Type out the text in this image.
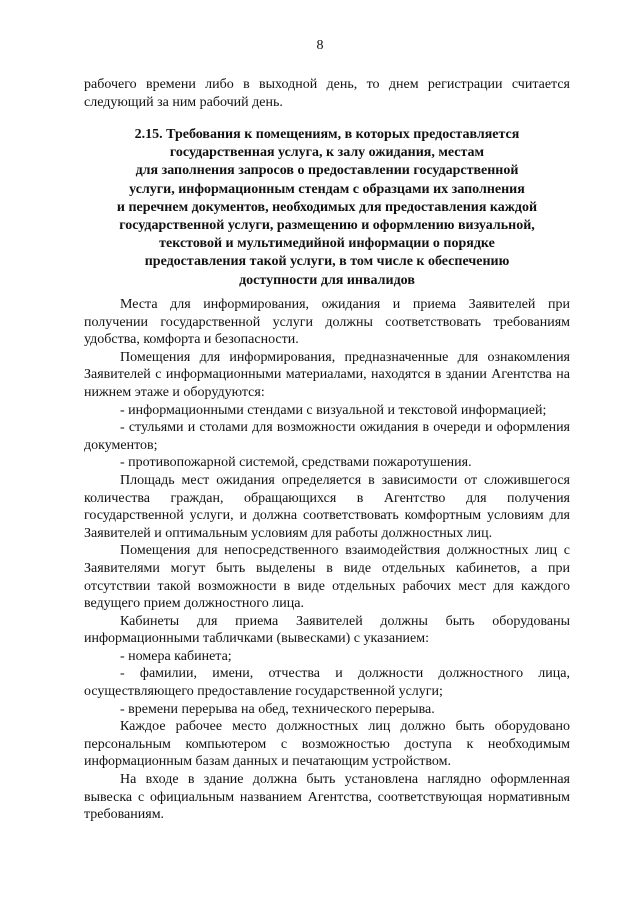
8
рабочего времени либо в выходной день, то днем регистрации считается следующий за ним рабочий день.
2.15. Требования к помещениям, в которых предоставляется
государственная услуга, к залу ожидания, местам
для заполнения запросов о предоставлении государственной
услуги, информационным стендам с образцами их заполнения
и перечнем документов, необходимых для предоставления каждой
государственной услуги, размещению и оформлению визуальной,
текстовой и мультимедийной информации о порядке
предоставления такой услуги, в том числе к обеспечению
доступности для инвалидов

Места для информирования, ожидания и приема Заявителей при получении государственной услуги должны соответствовать требованиям удобства, комфорта и безопасности.

Помещения для информирования, предназначенные для ознакомления Заявителей с информационными материалами, находятся в здании Агентства на нижнем этаже и оборудуются:

- информационными стендами с визуальной и текстовой информацией;

- стульями и столами для возможности ожидания в очереди и оформления документов;

- противопожарной системой, средствами пожаротушения.

Площадь мест ожидания определяется в зависимости от сложившегося количества граждан, обращающихся в Агентство для получения государственной услуги, и должна соответствовать комфортным условиям для Заявителей и оптимальным условиям для работы должностных лиц.

Помещения для непосредственного взаимодействия должностных лиц с Заявителями могут быть выделены в виде отдельных кабинетов, а при отсутствии такой возможности в виде отдельных рабочих мест для каждого ведущего прием должностного лица.

Кабинеты для приема Заявителей должны быть оборудованы информационными табличками (вывесками) с указанием:

- номера кабинета;

- фамилии, имени, отчества и должности должностного лица, осуществляющего предоставление государственной услуги;

- времени перерыва на обед, технического перерыва.

Каждое рабочее место должностных лиц должно быть оборудовано персональным компьютером с возможностью доступа к необходимым информационным базам данных и печатающим устройством.

На входе в здание должна быть установлена наглядно оформленная вывеска с официальным названием Агентства, соответствующая нормативным требованиям.
